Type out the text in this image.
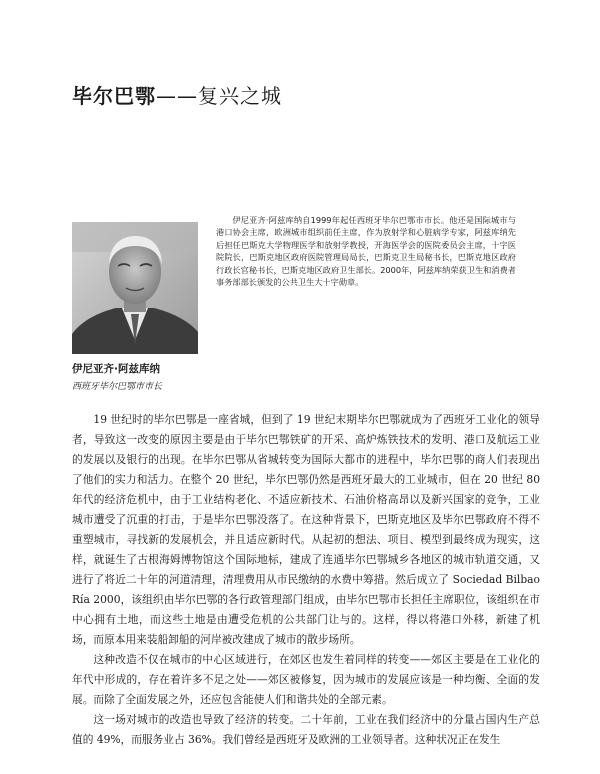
毕尔巴鄂——复兴之城
伊尼亚齐·阿兹库纳
西班牙毕尔巴鄂市市长

伊尼亚齐·阿兹库纳自1999年起任西班牙毕尔巴鄂市市长。他还是国际城市与港口协会主席，欧洲城市组织前任主席，作为放射学和心脏病学专家，阿兹库纳先后担任巴斯克大学物理医学和放射学教授，开海医学会的医院委员会主席，十字医院院长，巴斯克地区政府医院管理局局长，巴斯克卫生局秘书长，巴斯克地区政府行政长官秘书长，巴斯克地区政府卫生部长。2000年，阿兹库纳荣获卫生和消费者事务部部长颁发的公共卫生大十字勋章。

19 世纪时的毕尔巴鄂是一座省城，但到了 19 世纪末期毕尔巴鄂就成为了西班牙工业化的领导者，导致这一改变的原因主要是由于毕尔巴鄂铁矿的开采、高炉炼铁技术的发明、港口及航运工业的发展以及银行的出现。在毕尔巴鄂从省城转变为国际大都市的进程中，毕尔巴鄂的商人们表现出了他们的实力和活力。在整个 20 世纪，毕尔巴鄂仍然是西班牙最大的工业城市，但在 20 世纪 80 年代的经济危机中，由于工业结构老化、不适应新技术、石油价格高昂以及新兴国家的竞争，工业城市遭受了沉重的打击，于是毕尔巴鄂没落了。在这种背景下，巴斯克地区及毕尔巴鄂政府不得不重塑城市，寻找新的发展机会，并且适应新时代。从起初的想法、项目、模型到最终成为现实，这样，就诞生了古根海姆博物馆这个国际地标，建成了连通毕尔巴鄂城乡各地区的城市轨道交通，又进行了将近二十年的河道清理，清理费用从市民缴纳的水费中筹措。然后成立了 Sociedad Bilbao Ría 2000，该组织由毕尔巴鄂的各行政管理部门组成，由毕尔巴鄂市长担任主席职位，该组织在市中心拥有土地，而这些土地是由遭受危机的公共部门让与的。这样，得以将港口外移，新建了机场，而原本用来装船卸船的河岸被改建成了城市的散步场所。

这种改造不仅在城市的中心区域进行，在郊区也发生着同样的转变——郊区主要是在工业化的年代中形成的，存在着许多不足之处——郊区被修复，因为城市的发展应该是一种均衡、全面的发展。而除了全面发展之外，还应包含能使人们和谐共处的全部元素。

这一场对城市的改造也导致了经济的转变。二十年前，工业在我们经济中的分量占国内生产总值的 49%，而服务业占 36%。我们曾经是西班牙及欧洲的工业领导者。这种状况正在发生
